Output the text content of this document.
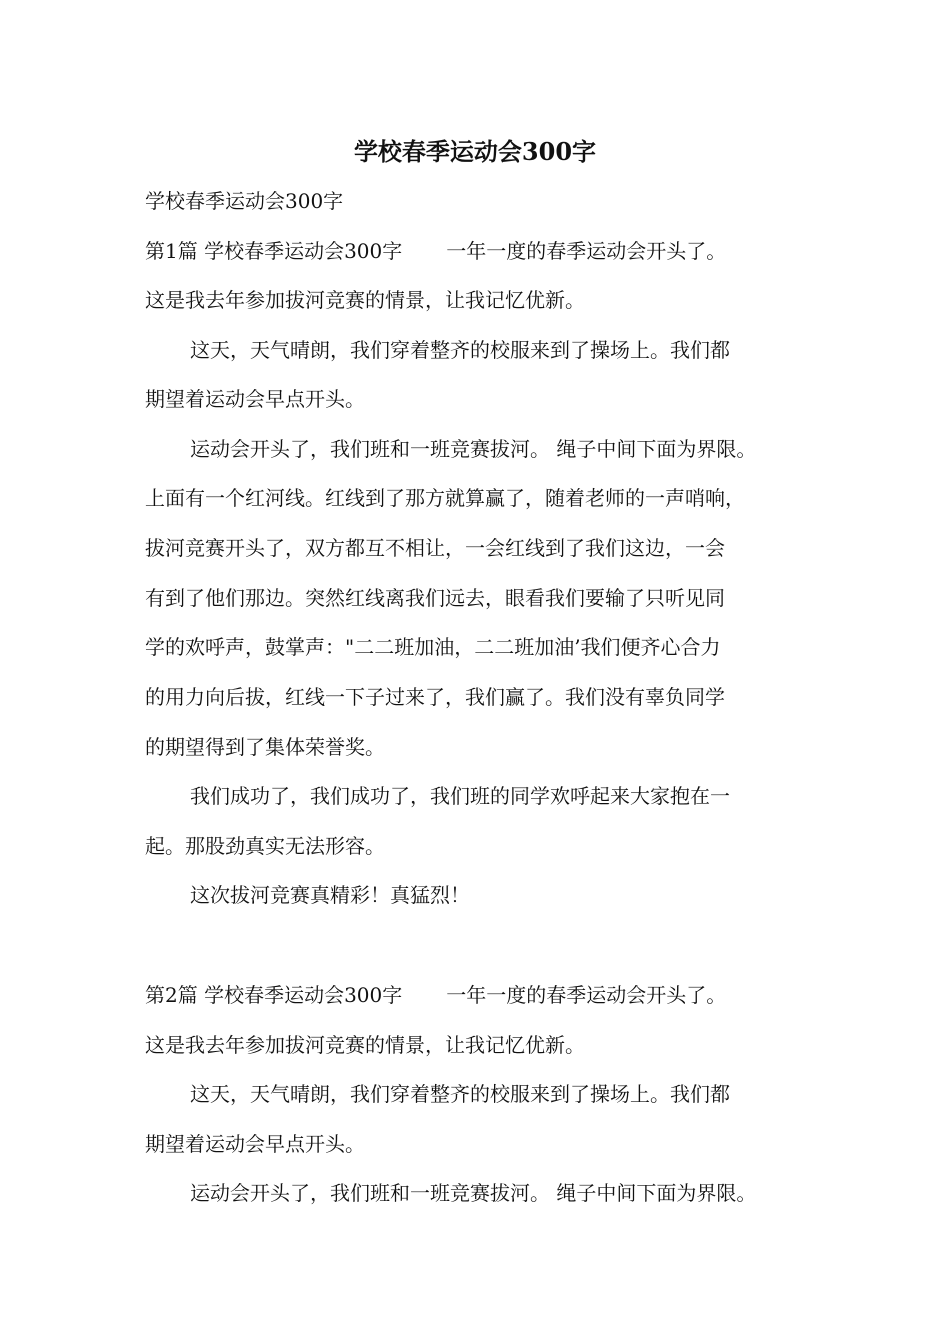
学校春季运动会300字

学校春季运动会300字

第1篇 学校春季运动会300字 一年一度的春季运动会开头了。

这是我去年参加拔河竞赛的情景，让我记忆优新。

这天，天气晴朗，我们穿着整齐的校服来到了操场上。我们都

期望着运动会早点开头。

运动会开头了，我们班和一班竞赛拔河。 绳子中间下面为界限。

上面有一个红河线。红线到了那方就算赢了，随着老师的一声哨响，

拔河竞赛开头了，双方都互不相让，一会红线到了我们这边，一会

有到了他们那边。突然红线离我们远去，眼看我们要输了只听见同

学的欢呼声，鼓掌声："二二班加油，二二班加油’我们便齐心合力

的用力向后拔，红线一下子过来了，我们赢了。我们没有辜负同学

的期望得到了集体荣誉奖。

我们成功了，我们成功了，我们班的同学欢呼起来大家抱在一

起。那股劲真实无法形容。

这次拔河竞赛真精彩！真猛烈！

第2篇 学校春季运动会300字 一年一度的春季运动会开头了。

这是我去年参加拔河竞赛的情景，让我记忆优新。

这天，天气晴朗，我们穿着整齐的校服来到了操场上。我们都

期望着运动会早点开头。

运动会开头了，我们班和一班竞赛拔河。 绳子中间下面为界限。
